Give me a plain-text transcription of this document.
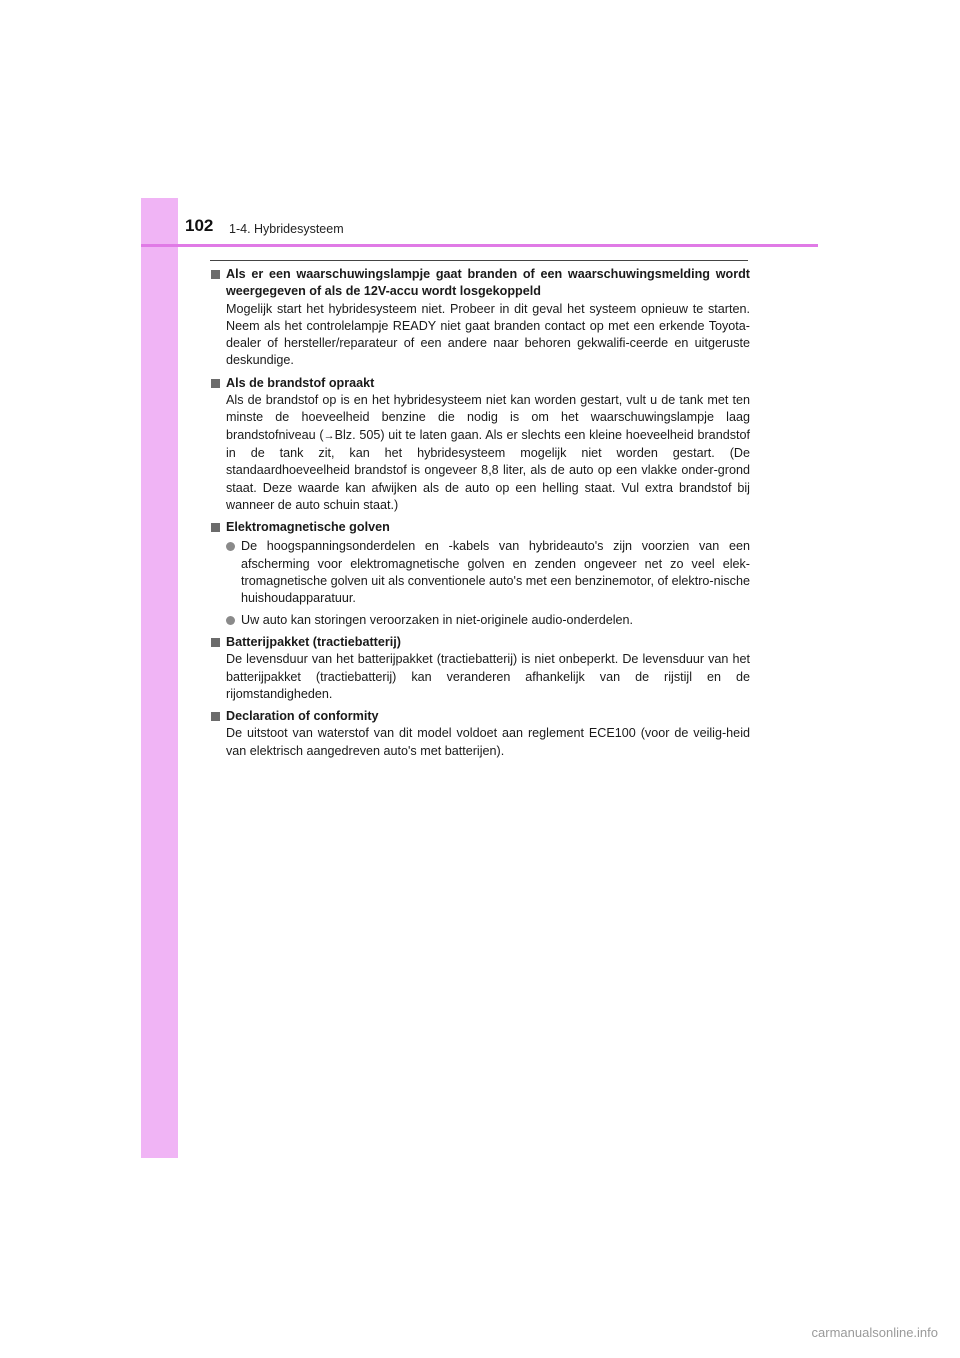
102 1-4. Hybridesysteem
Als er een waarschuwingslampje gaat branden of een waarschuwingsmelding wordt weergegeven of als de 12V-accu wordt losgekoppeld
Mogelijk start het hybridesysteem niet. Probeer in dit geval het systeem opnieuw te starten. Neem als het controlelampje READY niet gaat branden contact op met een erkende Toyota-dealer of hersteller/reparateur of een andere naar behoren gekwalifi-ceerde en uitgeruste deskundige.
Als de brandstof opraakt
Als de brandstof op is en het hybridesysteem niet kan worden gestart, vult u de tank met ten minste de hoeveelheid benzine die nodig is om het waarschuwingslampje laag brandstofniveau (→Blz. 505) uit te laten gaan. Als er slechts een kleine hoeveelheid brandstof in de tank zit, kan het hybridesysteem mogelijk niet worden gestart. (De standaardhoeveelheid brandstof is ongeveer 8,8 liter, als de auto op een vlakke onder-grond staat. Deze waarde kan afwijken als de auto op een helling staat. Vul extra brandstof bij wanneer de auto schuin staat.)
Elektromagnetische golven
De hoogspanningsonderdelen en -kabels van hybrideauto's zijn voorzien van een afscherming voor elektromagnetische golven en zenden ongeveer net zo veel elek-tromagnetische golven uit als conventionele auto's met een benzinemotor, of elektro-nische huishoudapparatuur.
Uw auto kan storingen veroorzaken in niet-originele audio-onderdelen.
Batterijpakket (tractiebatterij)
De levensduur van het batterijpakket (tractiebatterij) is niet onbeperkt. De levensduur van het batterijpakket (tractiebatterij) kan veranderen afhankelijk van de rijstijl en de rijomstandigheden.
Declaration of conformity
De uitstoot van waterstof van dit model voldoet aan reglement ECE100 (voor de veilig-heid van elektrisch aangedreven auto's met batterijen).
carmanualsonline.info
